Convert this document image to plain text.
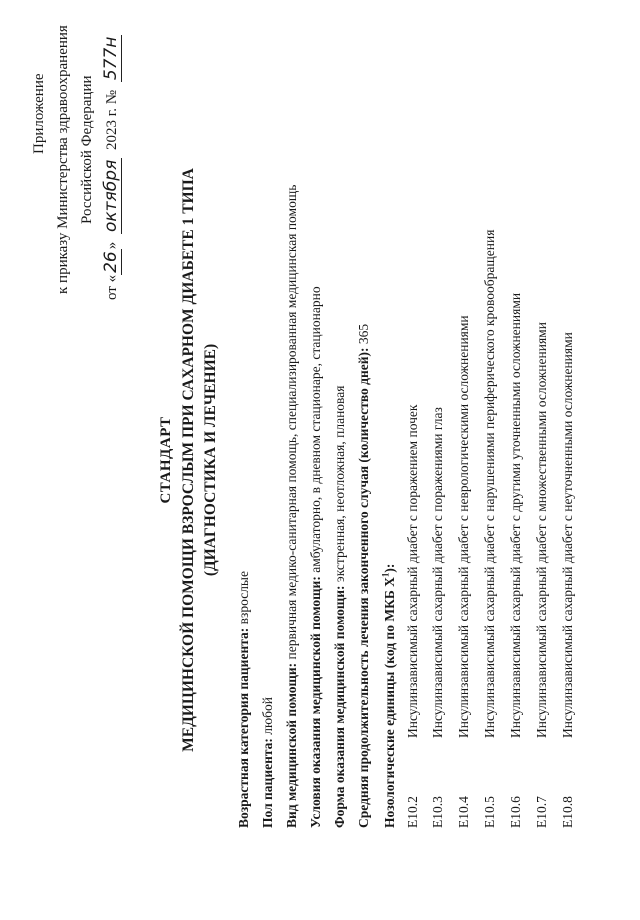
Приложение к приказу Министерства здравоохранения Российской Федерации
от «26» октября 2023 г. № 577н
СТАНДАРТ МЕДИЦИНСКОЙ ПОМОЩИ ВЗРОСЛЫМ ПРИ САХАРНОМ ДИАБЕТЕ 1 ТИПА (ДИАГНОСТИКА И ЛЕЧЕНИЕ)
Возрастная категория пациента: взрослые
Пол пациента: любой Вид медицинской помощи: первичная медико-санитарная помощь, специализированная медицинская помощь
Условия оказания медицинской помощи: амбулаторно, в дневном стационаре, стационарно
Форма оказания медицинской помощи: экстренная, неотложная, плановая Средняя продолжительность лечения законченного случая (количество дней): 365
Нозологические единицы (код по МКБ $X^1$):
E10.2
Инсулинзависимый сахарный диабет с поражением почек
E10.3
Инсулинзависимый сахарный диабет с поражениями глаз
E10.4
Инсулинзависимый сахарный диабет с неврологическими осложнениями
E10.5
Инсулинзависимый сахарный диабет с нарушениями периферического кровообращения
E10.6
Инсулинзависимый сахарный диабет с другими уточненными осложнениями
E10.7
Инсулинзависимый сахарный диабет с множественными осложнениями
E10.8
Инсулинзависимый сахарный диабет с неуточненными осложнениями
